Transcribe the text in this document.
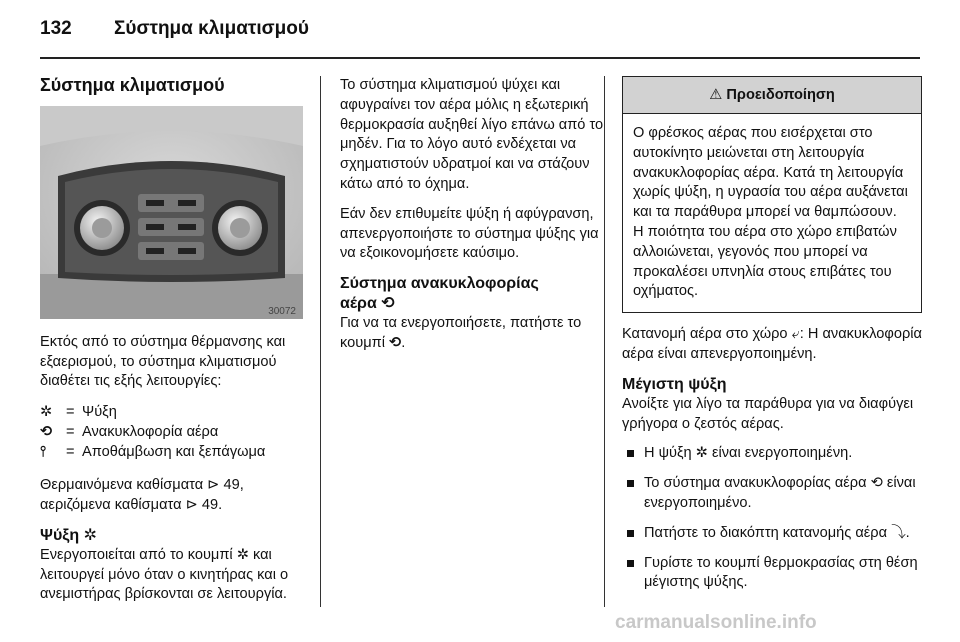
132 Σύστημα κλιματισμού
Σύστημα κλιματισμού
30072

Εκτός από το σύστημα θέρμανσης και εξαερισμού, το σύστημα κλιματισμού διαθέτει τις εξής λειτουργίες:

✲ = Ψύξη
⟲ = Ανακυκλοφορία αέρα
⫯	= Αποθάμβωση και ξεπάγωμα

Θερμαινόμενα καθίσματα ⊳ 49, αεριζόμενα καθίσματα ⊳ 49.

Ψύξη ✲

Ενεργοποιείται από το κουμπί ✲ και λειτουργεί μόνο όταν ο κινητήρας και ο ανεμιστήρας βρίσκονται σε λειτουργία.

Το σύστημα κλιματισμού ψύχει και αφυγραίνει τον αέρα μόλις η εξωτερική θερμοκρασία αυξηθεί λίγο επάνω από το μηδέν. Για το λόγο αυτό ενδέχεται να σχηματιστούν υδρατμοί και να στάζουν κάτω από το όχημα.

Εάν δεν επιθυμείτε ψύξη ή αφύγρανση, απενεργοποιήστε το σύστημα ψύξης για να εξοικονομήσετε καύσιμο.

Σύστημα ανακυκλοφορίας
αέρα ⟲

Για να τα ενεργοποιήσετε, πατήστε το κουμπί ⟲.

⚠ Προειδοποίηση
Ο φρέσκος αέρας που εισέρχεται στο αυτοκίνητο μειώνεται στη λειτουργία ανακυκλοφορίας αέρα. Κατά τη λειτουργία χωρίς ψύξη, η υγρασία του αέρα αυξάνεται και τα παράθυρα μπορεί να θαμπώσουν. Η ποιότητα του αέρα στο χώρο επιβατών αλλοιώνεται, γεγονός που μπορεί να προκαλέσει υπνηλία στους επιβάτες του οχήματος.

Κατανομή αέρα στο χώρο ⤶: Η ανακυκλοφορία αέρα είναι απενεργοποιημένη.

Μέγιστη ψύξη

Ανοίξτε για λίγο τα παράθυρα για να διαφύγει γρήγορα ο ζεστός αέρας.

Η ψύξη ✲ είναι ενεργοποιημένη.
Το σύστημα ανακυκλοφορίας αέρα ⟲ είναι ενεργοποιημένο.
Πατήστε το διακόπτη κατανομής αέρα ⤵.
Γυρίστε το κουμπί θερμοκρασίας στη θέση μέγιστης ψύξης.
carmanualsonline.info
